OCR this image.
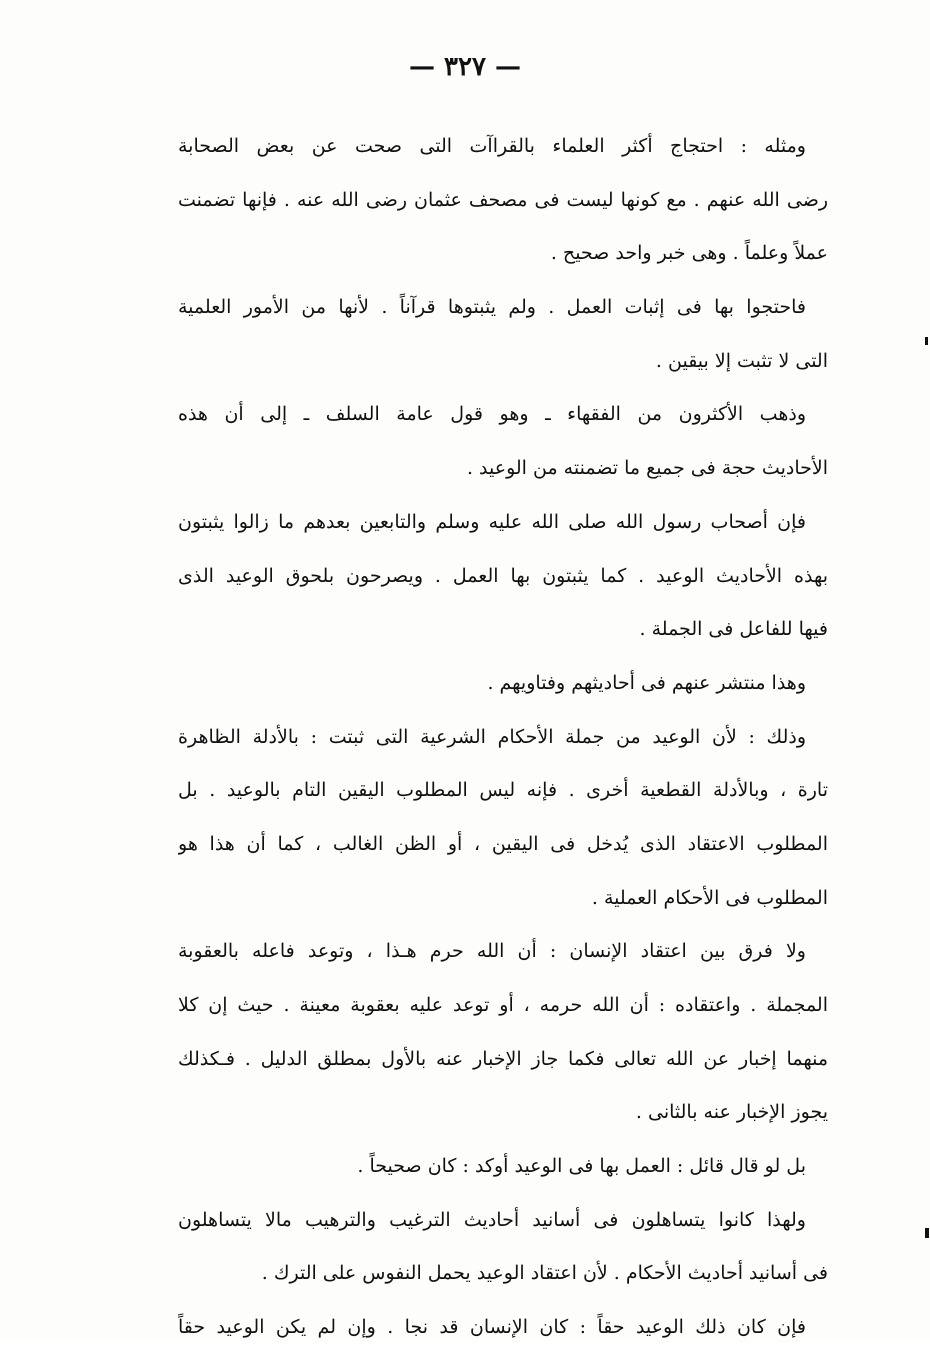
— ٣٢٧ —
ومثله : احتجاج أكثر العلماء بالقراآت التى صحت عن بعض الصحابة
رضى الله عنهم . مع كونها ليست فى مصحف عثمان رضى الله عنه . فإنها تضمنت
عملاً وعلماً . وهى خبر واحد صحيح .
فاحتجوا بها فى إثبات العمل . ولم يثبتوها قرآناً . لأنها من الأمور العلمية
التى لا تثبت إلا بيقين .
وذهب الأكثرون من الفقهاء ـ وهو قول عامة السلف ـ إلى أن هذه
الأحاديث حجة فى جميع ما تضمنته من الوعيد .
فإن أصحاب رسول الله صلى الله عليه وسلم والتابعين بعدهم ما زالوا يثبتون
بهذه الأحاديث الوعيد . كما يثبتون بها العمل . ويصرحون بلحوق الوعيد الذى
فيها للفاعل فى الجملة .
وهذا منتشر عنهم فى أحاديثهم وفتاويهم .
وذلك : لأن الوعيد من جملة الأحكام الشرعية التى ثبتت : بالأدلة الظاهرة
تارة ، وبالأدلة القطعية أخرى . فإنه ليس المطلوب اليقين التام بالوعيد . بل
المطلوب الاعتقاد الذى يُدخل فى اليقين ، أو الظن الغالب ، كما أن هذا هو
المطلوب فى الأحكام العملية .
ولا فرق بين اعتقاد الإنسان : أن الله حرم هـذا ، وتوعد فاعله بالعقوبة
المجملة . واعتقاده : أن الله حرمه ، أو توعد عليه بعقوبة معينة . حيث إن كلا
منهما إخبار عن الله تعالى فكما جاز الإخبار عنه بالأول بمطلق الدليل . فـكذلك
يجوز الإخبار عنه بالثانى .
بل لو قال قائل : العمل بها فى الوعيد أوكد : كان صحيحاً .
ولهذا كانوا يتساهلون فى أسانيد أحاديث الترغيب والترهيب مالا يتساهلون
فى أسانيد أحاديث الأحكام . لأن اعتقاد الوعيد يحمل النفوس على الترك .
فإن كان ذلك الوعيد حقاً : كان الإنسان قد نجا . وإن لم يكن الوعيد حقاً
